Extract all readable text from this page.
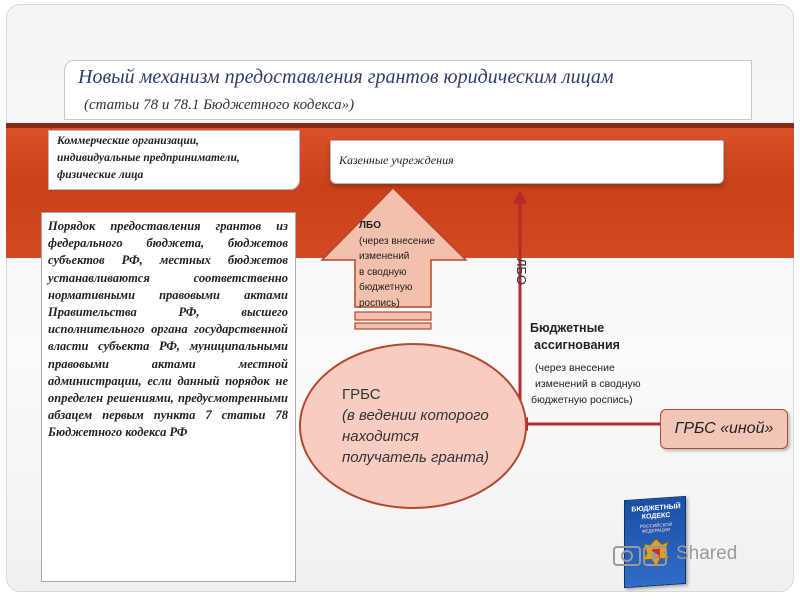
Новый механизм предоставления грантов юридическим лицам
(статьи 78 и 78.1 Бюджетного кодекса»)
Коммерческие организации,
индивидуальные предприниматели,
физические лица
Казенные учреждения
Порядок предоставления грантов из федерального бюджета, бюджетов субъектов РФ, местных бюджетов устанавливаются соответственно нормативными правовыми актами Правительства РФ, высшего исполнительного органа государственной власти субъекта РФ, муниципальными правовыми актами местной администрации, если данный порядок не определен решениями, предусмотренными абзацем первым пункта 7 статьи 78 Бюджетного кодекса РФ
ЛБО
(через внесение
изменений
в сводную
бюджетную
роспись)
ЛБО
Бюджетные
ассигнования
(через внесение
изменений в сводную
бюджетную роспись)
ГРБС
(в ведении которого
находится
получатель гранта)
ГРБС «иной»
БЮДЖЕТНЫЙ
КОДЕКС
РОССИЙСКОЙ ФЕДЕРАЦИИ
Shared
